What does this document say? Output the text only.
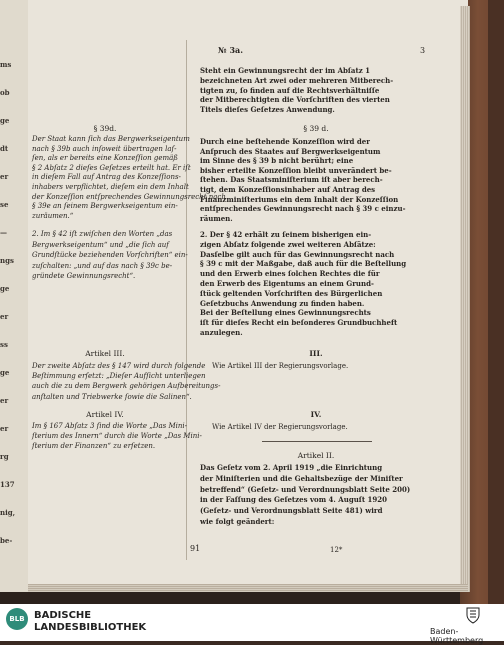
ms
ob
ge
dt
er
se
—
ngs
ge
er
ss
ge
er
er
rg
137
nig,
be-
№ 3a.	3
§ 39d.
Der Staat kann ſich das Bergwerkseigentum
nach § 39b auch inſoweit übertragen laſ-
ſen, als er bereits eine Konzeſſion gemäß
§ 2 Abſatz 2 dieſes Geſetzes erteilt hat. Er iſt
in dieſem Fall auf Antrag des Konzeſſions-
inhabers verpflichtet, dieſem ein dem Inhalt
der Konzeſſion entſprechendes Gewinnungsrecht nach
§ 39e an ſeinem Bergwerkseigentum ein-
zuräumen.“
2. Im § 42 iſt zwiſchen den Worten „das
Bergwerkseigentum“ und „die ſich auf
Grundſtücke beziehenden Vorſchriften“ ein-
zuſchalten: „und auf das nach § 39c be-
gründete Gewinnungsrecht“.
Artikel III.
Der zweite Abſatz des § 147 wird durch folgende
Beſtimmung erſetzt: „Dieſer Aufſicht unterliegen
auch die zu dem Bergwerk gehörigen Aufbereitungs-
anſtalten und Triebwerke ſowie die Salinen“.
Artikel IV.
Im § 167 Abſatz 3 ſind die Worte „Das Mini-
ſterium des Innern“ durch die Worte „Das Mini-
ſterium der Finanzen“ zu erſetzen.
Steht ein Gewinnungsrecht der im Abſatz 1
bezeichneten Art zwei oder mehreren Mitberech-
tigten zu, ſo finden auf die Rechtsverhältniſſe
der Mitberechtigten die Vorſchriften des vierten
Titels dieſes Geſetzes Anwendung.
§ 39 d.
Durch eine beſtehende Konzeſſion wird der
Anſpruch des Staates auf Bergwerkseigentum
im Sinne des § 39 b nicht berührt; eine
bisher erteilte Konzeſſion bleibt unverändert be-
ſtehen. Das Staatsminiſterium iſt aber berech-
tigt, dem Konzeſſionsinhaber auf Antrag des
Finanzminiſteriums ein dem Inhalt der Konzeſſion
entſprechendes Gewinnungsrecht nach § 39 c einzu-
räumen.
2. Der § 42 erhält zu ſeinem bisherigen ein-
zigen Abſatz folgende zwei weiteren Abſätze:
Dasſelbe gilt auch für das Gewinnungsrecht nach
§ 39 c mit der Maßgabe, daß auch für die Beſtellung
und den Erwerb eines ſolchen Rechtes die für
den Erwerb des Eigentums an einem Grund-
ſtück geltenden Vorſchriften des Bürgerlichen
Geſetzbuchs Anwendung zu finden haben.
Bei der Beſtellung eines Gewinnungsrechts
iſt für dieſes Recht ein beſonderes Grundbuchheft
anzulegen.
III.
Wie Artikel III der Regierungsvorlage.
IV.
Wie Artikel IV der Regierungsvorlage.
Artikel II.
Das Geſetz vom 2. April 1919 „die Einrichtung
der Miniſterien und die Gehaltsbezüge der Miniſter
betreffend“ (Geſetz- und Verordnungsblatt Seite 200)
in der Faſſung des Geſetzes vom 4. Auguſt 1920
(Geſetz- und Verordnungsblatt Seite 481) wird
wie folgt geändert:
91	12*
BLB BADISCHE
LANDESBIBLIOTHEK	Baden-Württemberg
